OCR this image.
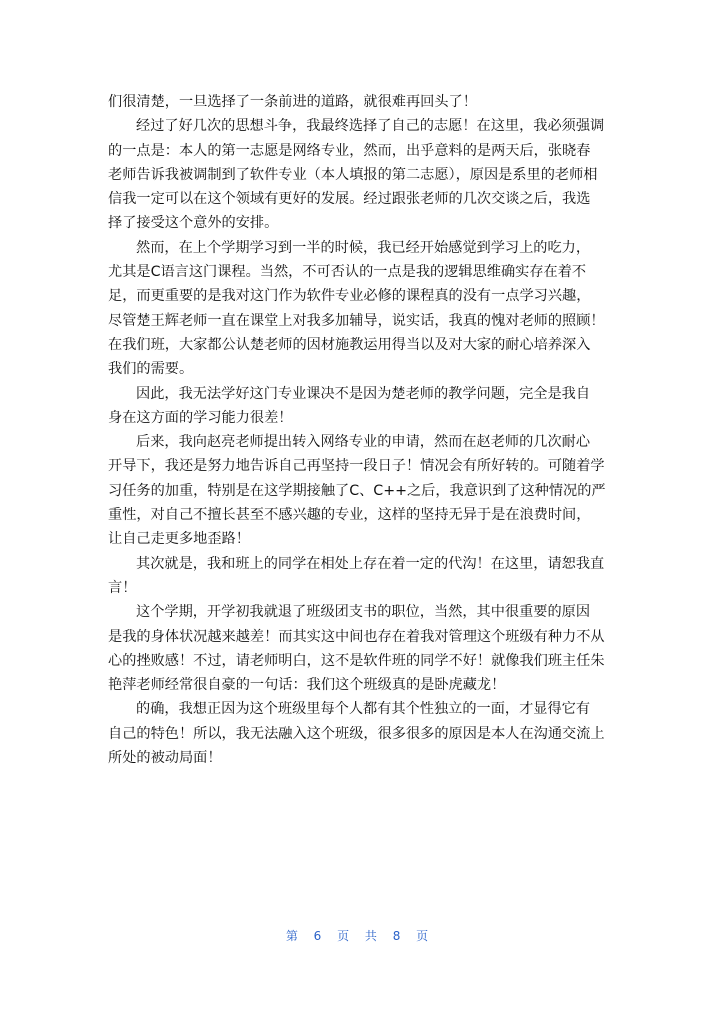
们很清楚，一旦选择了一条前进的道路，就很难再回头了！
经过了好几次的思想斗争，我最终选择了自己的志愿！在这里，我必须强调
的一点是：本人的第一志愿是网络专业，然而，出乎意料的是两天后，张晓春
老师告诉我被调制到了软件专业（本人填报的第二志愿），原因是系里的老师相
信我一定可以在这个领域有更好的发展。经过跟张老师的几次交谈之后，我选
择了接受这个意外的安排。
然而，在上个学期学习到一半的时候，我已经开始感觉到学习上的吃力，
尤其是C语言这门课程。当然，不可否认的一点是我的逻辑思维确实存在着不
足，而更重要的是我对这门作为软件专业必修的课程真的没有一点学习兴趣，
尽管楚王辉老师一直在课堂上对我多加辅导，说实话，我真的愧对老师的照顾！
在我们班，大家都公认楚老师的因材施教运用得当以及对大家的耐心培养深入
我们的需要。
因此，我无法学好这门专业课决不是因为楚老师的教学问题，完全是我自
身在这方面的学习能力很差！
后来，我向赵亮老师提出转入网络专业的申请，然而在赵老师的几次耐心
开导下，我还是努力地告诉自己再坚持一段日子！情况会有所好转的。可随着学
习任务的加重，特别是在这学期接触了C、C++之后，我意识到了这种情况的严
重性，对自己不擅长甚至不感兴趣的专业，这样的坚持无异于是在浪费时间，
让自己走更多地歪路！
其次就是，我和班上的同学在相处上存在着一定的代沟！在这里，请恕我直
言！
这个学期，开学初我就退了班级团支书的职位，当然，其中很重要的原因
是我的身体状况越来越差！而其实这中间也存在着我对管理这个班级有种力不从
心的挫败感！不过，请老师明白，这不是软件班的同学不好！就像我们班主任朱
艳萍老师经常很自豪的一句话：我们这个班级真的是卧虎藏龙！
的确，我想正因为这个班级里每个人都有其个性独立的一面，才显得它有
自己的特色！所以，我无法融入这个班级，很多很多的原因是本人在沟通交流上
所处的被动局面！
第 6 页 共 8 页
